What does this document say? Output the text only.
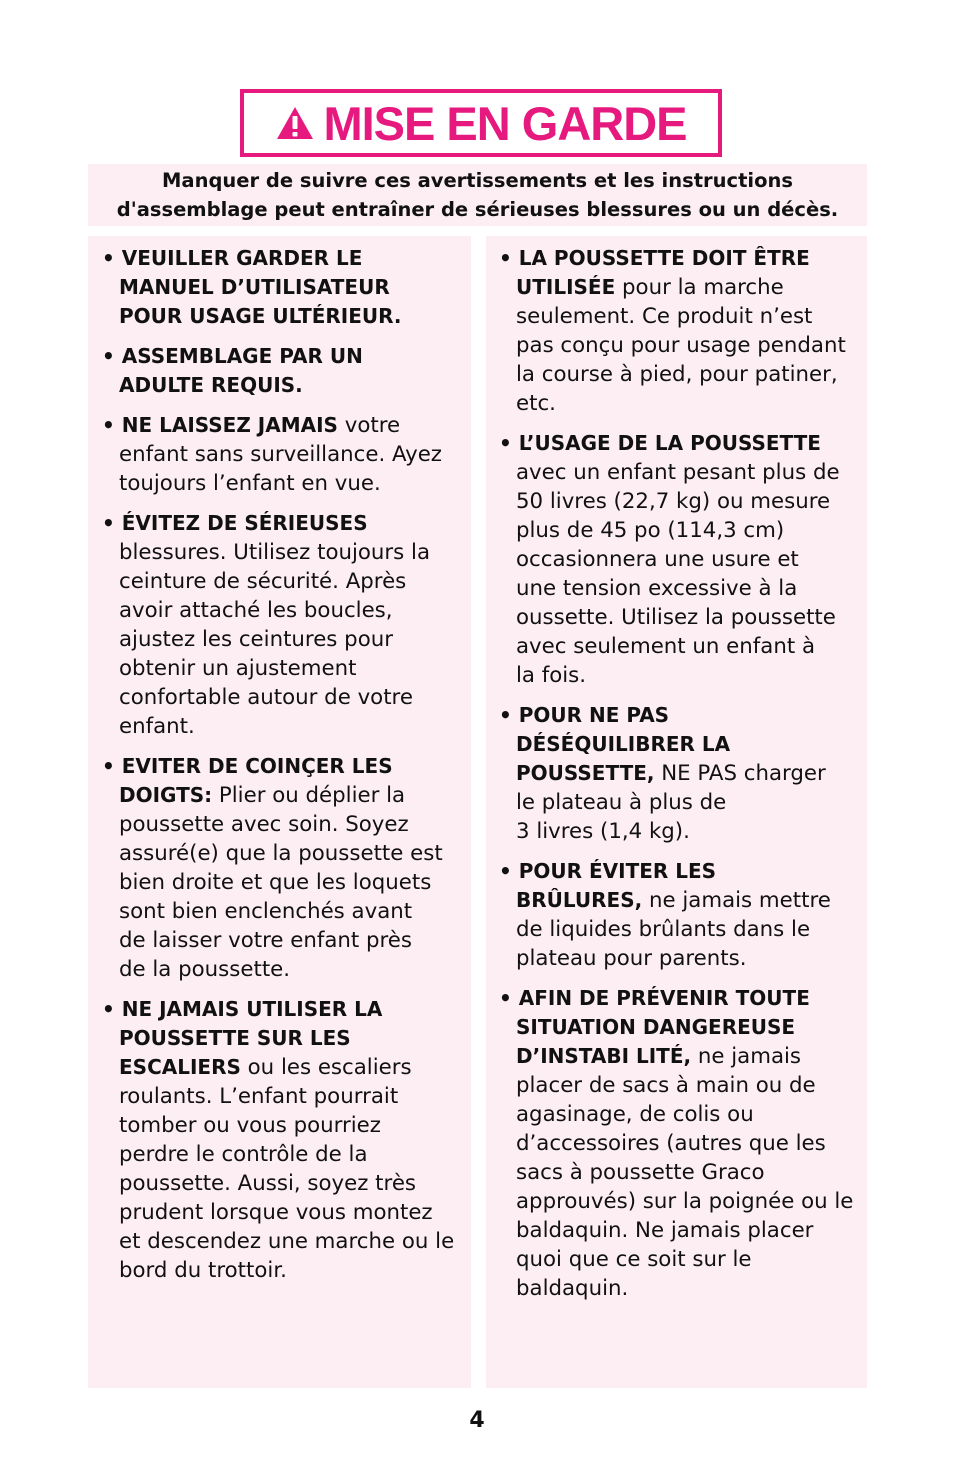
MISE EN GARDE
Manquer de suivre ces avertissements et les instructions
d'assemblage peut entraîner de sérieuses blessures ou un décès.
• VEUILLER GARDER LE
MANUEL D’UTILISATEUR
POUR USAGE ULTÉRIEUR.
• ASSEMBLAGE PAR UN
ADULTE REQUIS.
• NE LAISSEZ JAMAIS votre
enfant sans surveillance. Ayez
toujours l’enfant en vue.
• ÉVITEZ DE SÉRIEUSES
blessures. Utilisez toujours la
ceinture de sécurité. Après
avoir attaché les boucles,
ajustez les ceintures pour
obtenir un ajustement
confortable autour de votre
enfant.
• EVITER DE COINÇER LES
DOIGTS: Plier ou déplier la
poussette avec soin. Soyez
assuré(e) que la poussette est
bien droite et que les loquets
sont bien enclenchés avant
de laisser votre enfant près
de la poussette.
• NE JAMAIS UTILISER LA
POUSSETTE SUR LES
ESCALIERS ou les escaliers
roulants. L’enfant pourrait
tomber ou vous pourriez
perdre le contrôle de la
poussette. Aussi, soyez très
prudent lorsque vous montez
et descendez une marche ou le
bord du trottoir.
• LA POUSSETTE DOIT ÊTRE
UTILISÉE pour la marche
seulement. Ce produit n’est
pas conçu pour usage pendant
la course à pied, pour patiner,
etc.
• L’USAGE DE LA POUSSETTE
avec un enfant pesant plus de
50 livres (22,7 kg) ou mesure
plus de 45 po (114,3 cm)
occasionnera une usure et
une tension excessive à la
oussette. Utilisez la poussette
avec seulement un enfant à
la fois.
• POUR NE PAS
DÉSÉQUILIBRER LA
POUSSETTE, NE PAS charger
le plateau à plus de
3 livres (1,4 kg).
• POUR ÉVITER LES
BRÛLURES, ne jamais mettre
de liquides brûlants dans le
plateau pour parents.
• AFIN DE PRÉVENIR TOUTE
SITUATION DANGEREUSE
D’INSTABI LITÉ, ne jamais
placer de sacs à main ou de
agasinage, de colis ou
d’accessoires (autres que les
sacs à poussette Graco
approuvés) sur la poignée ou le
baldaquin. Ne jamais placer
quoi que ce soit sur le
baldaquin.
4
